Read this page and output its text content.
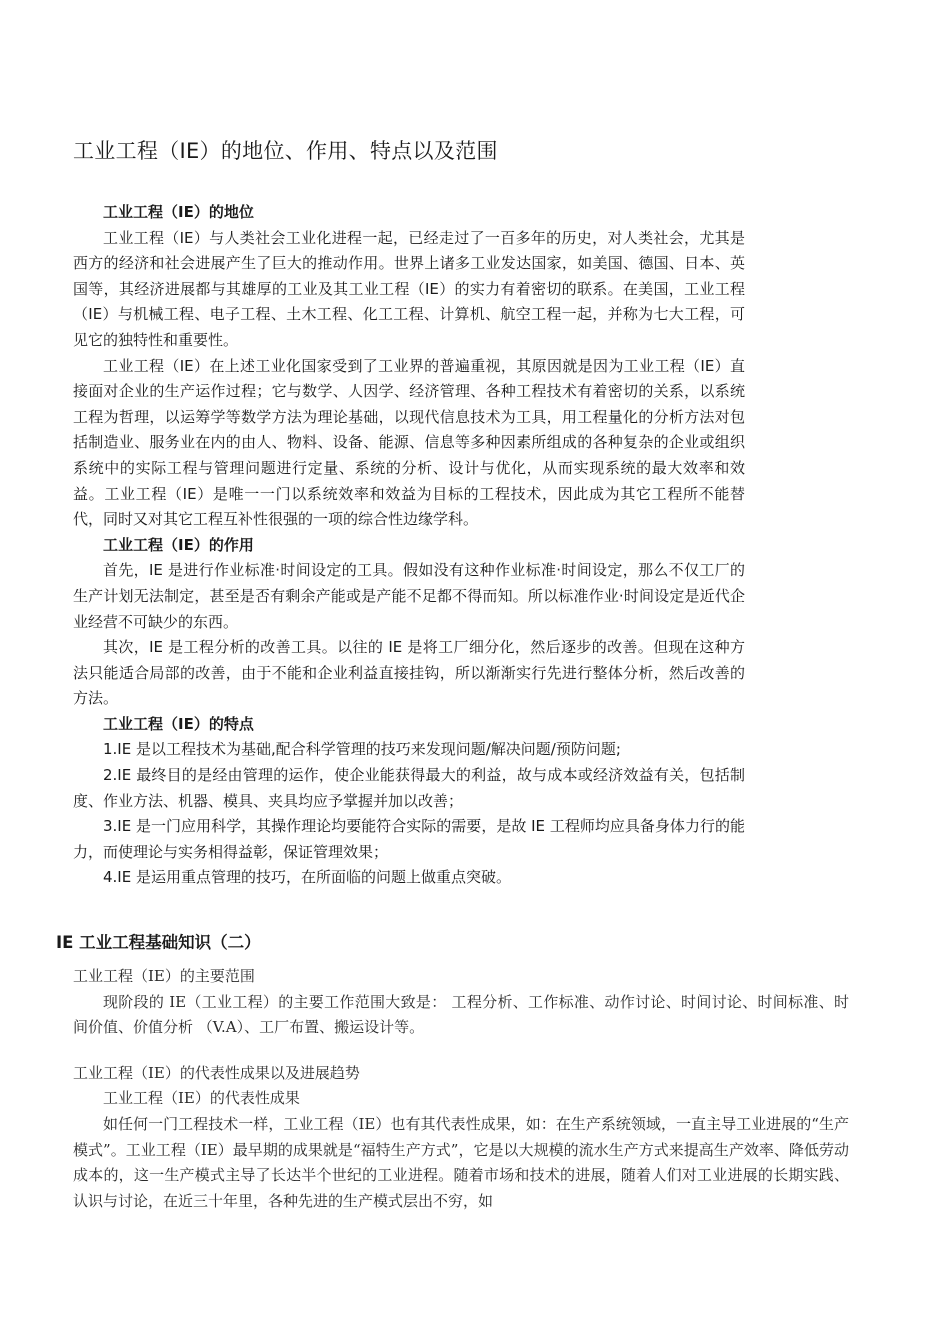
工业工程（IE）的地位、作用、特点以及范围

工业工程（IE）的地位

工业工程（IE）与人类社会工业化进程一起，已经走过了一百多年的历史，对人类社会，尤其是西方的经济和社会进展产生了巨大的推动作用。世界上诸多工业发达国家，如美国、德国、日本、英国等，其经济进展都与其雄厚的工业及其工业工程（IE）的实力有着密切的联系。在美国，工业工程（IE）与机械工程、电子工程、土木工程、化工工程、计算机、航空工程一起，并称为七大工程，可见它的独特性和重要性。

工业工程（IE）在上述工业化国家受到了工业界的普遍重视，其原因就是因为工业工程（IE）直接面对企业的生产运作过程；它与数学、人因学、经济管理、各种工程技术有着密切的关系，以系统工程为哲理，以运筹学等数学方法为理论基础，以现代信息技术为工具，用工程量化的分析方法对包括制造业、服务业在内的由人、物料、设备、能源、信息等多种因素所组成的各种复杂的企业或组织系统中的实际工程与管理问题进行定量、系统的分析、设计与优化，从而实现系统的最大效率和效益。工业工程（IE）是唯一一门以系统效率和效益为目标的工程技术，因此成为其它工程所不能替代，同时又对其它工程互补性很强的一项的综合性边缘学科。

工业工程（IE）的作用

首先，IE 是进行作业标准·时间设定的工具。假如没有这种作业标准·时间设定，那么不仅工厂的生产计划无法制定，甚至是否有剩余产能或是产能不足都不得而知。所以标准作业·时间设定是近代企业经营不可缺少的东西。

其次，IE 是工程分析的改善工具。以往的 IE 是将工厂细分化，然后逐步的改善。但现在这种方法只能适合局部的改善，由于不能和企业利益直接挂钩，所以渐渐实行先进行整体分析，然后改善的方法。

工业工程（IE）的特点

1.IE 是以工程技术为基础,配合科学管理的技巧来发现问题/解决问题/预防问题;

2.IE 最终目的是经由管理的运作，使企业能获得最大的利益，故与成本或经济效益有关，包括制度、作业方法、机器、模具、夹具均应予掌握并加以改善；

3.IE 是一门应用科学，其操作理论均要能符合实际的需要，是故 IE 工程师均应具备身体力行的能力，而使理论与实务相得益彰，保证管理效果；

4.IE 是运用重点管理的技巧，在所面临的问题上做重点突破。

IE 工业工程基础知识（二）

工业工程（IE）的主要范围

现阶段的 IE（工业工程）的主要工作范围大致是： 工程分析、工作标准、动作讨论、时间讨论、时间标准、时间价值、价值分析 （V.A）、工厂布置、搬运设计等。

工业工程（IE）的代表性成果以及进展趋势

工业工程（IE）的代表性成果

如任何一门工程技术一样，工业工程（IE）也有其代表性成果，如：在生产系统领域，一直主导工业进展的“生产模式”。工业工程（IE）最早期的成果就是“福特生产方式”，它是以大规模的流水生产方式来提高生产效率、降低劳动成本的，这一生产模式主导了长达半个世纪的工业进程。随着市场和技术的进展，随着人们对工业进展的长期实践、认识与讨论，在近三十年里，各种先进的生产模式层出不穷，如
